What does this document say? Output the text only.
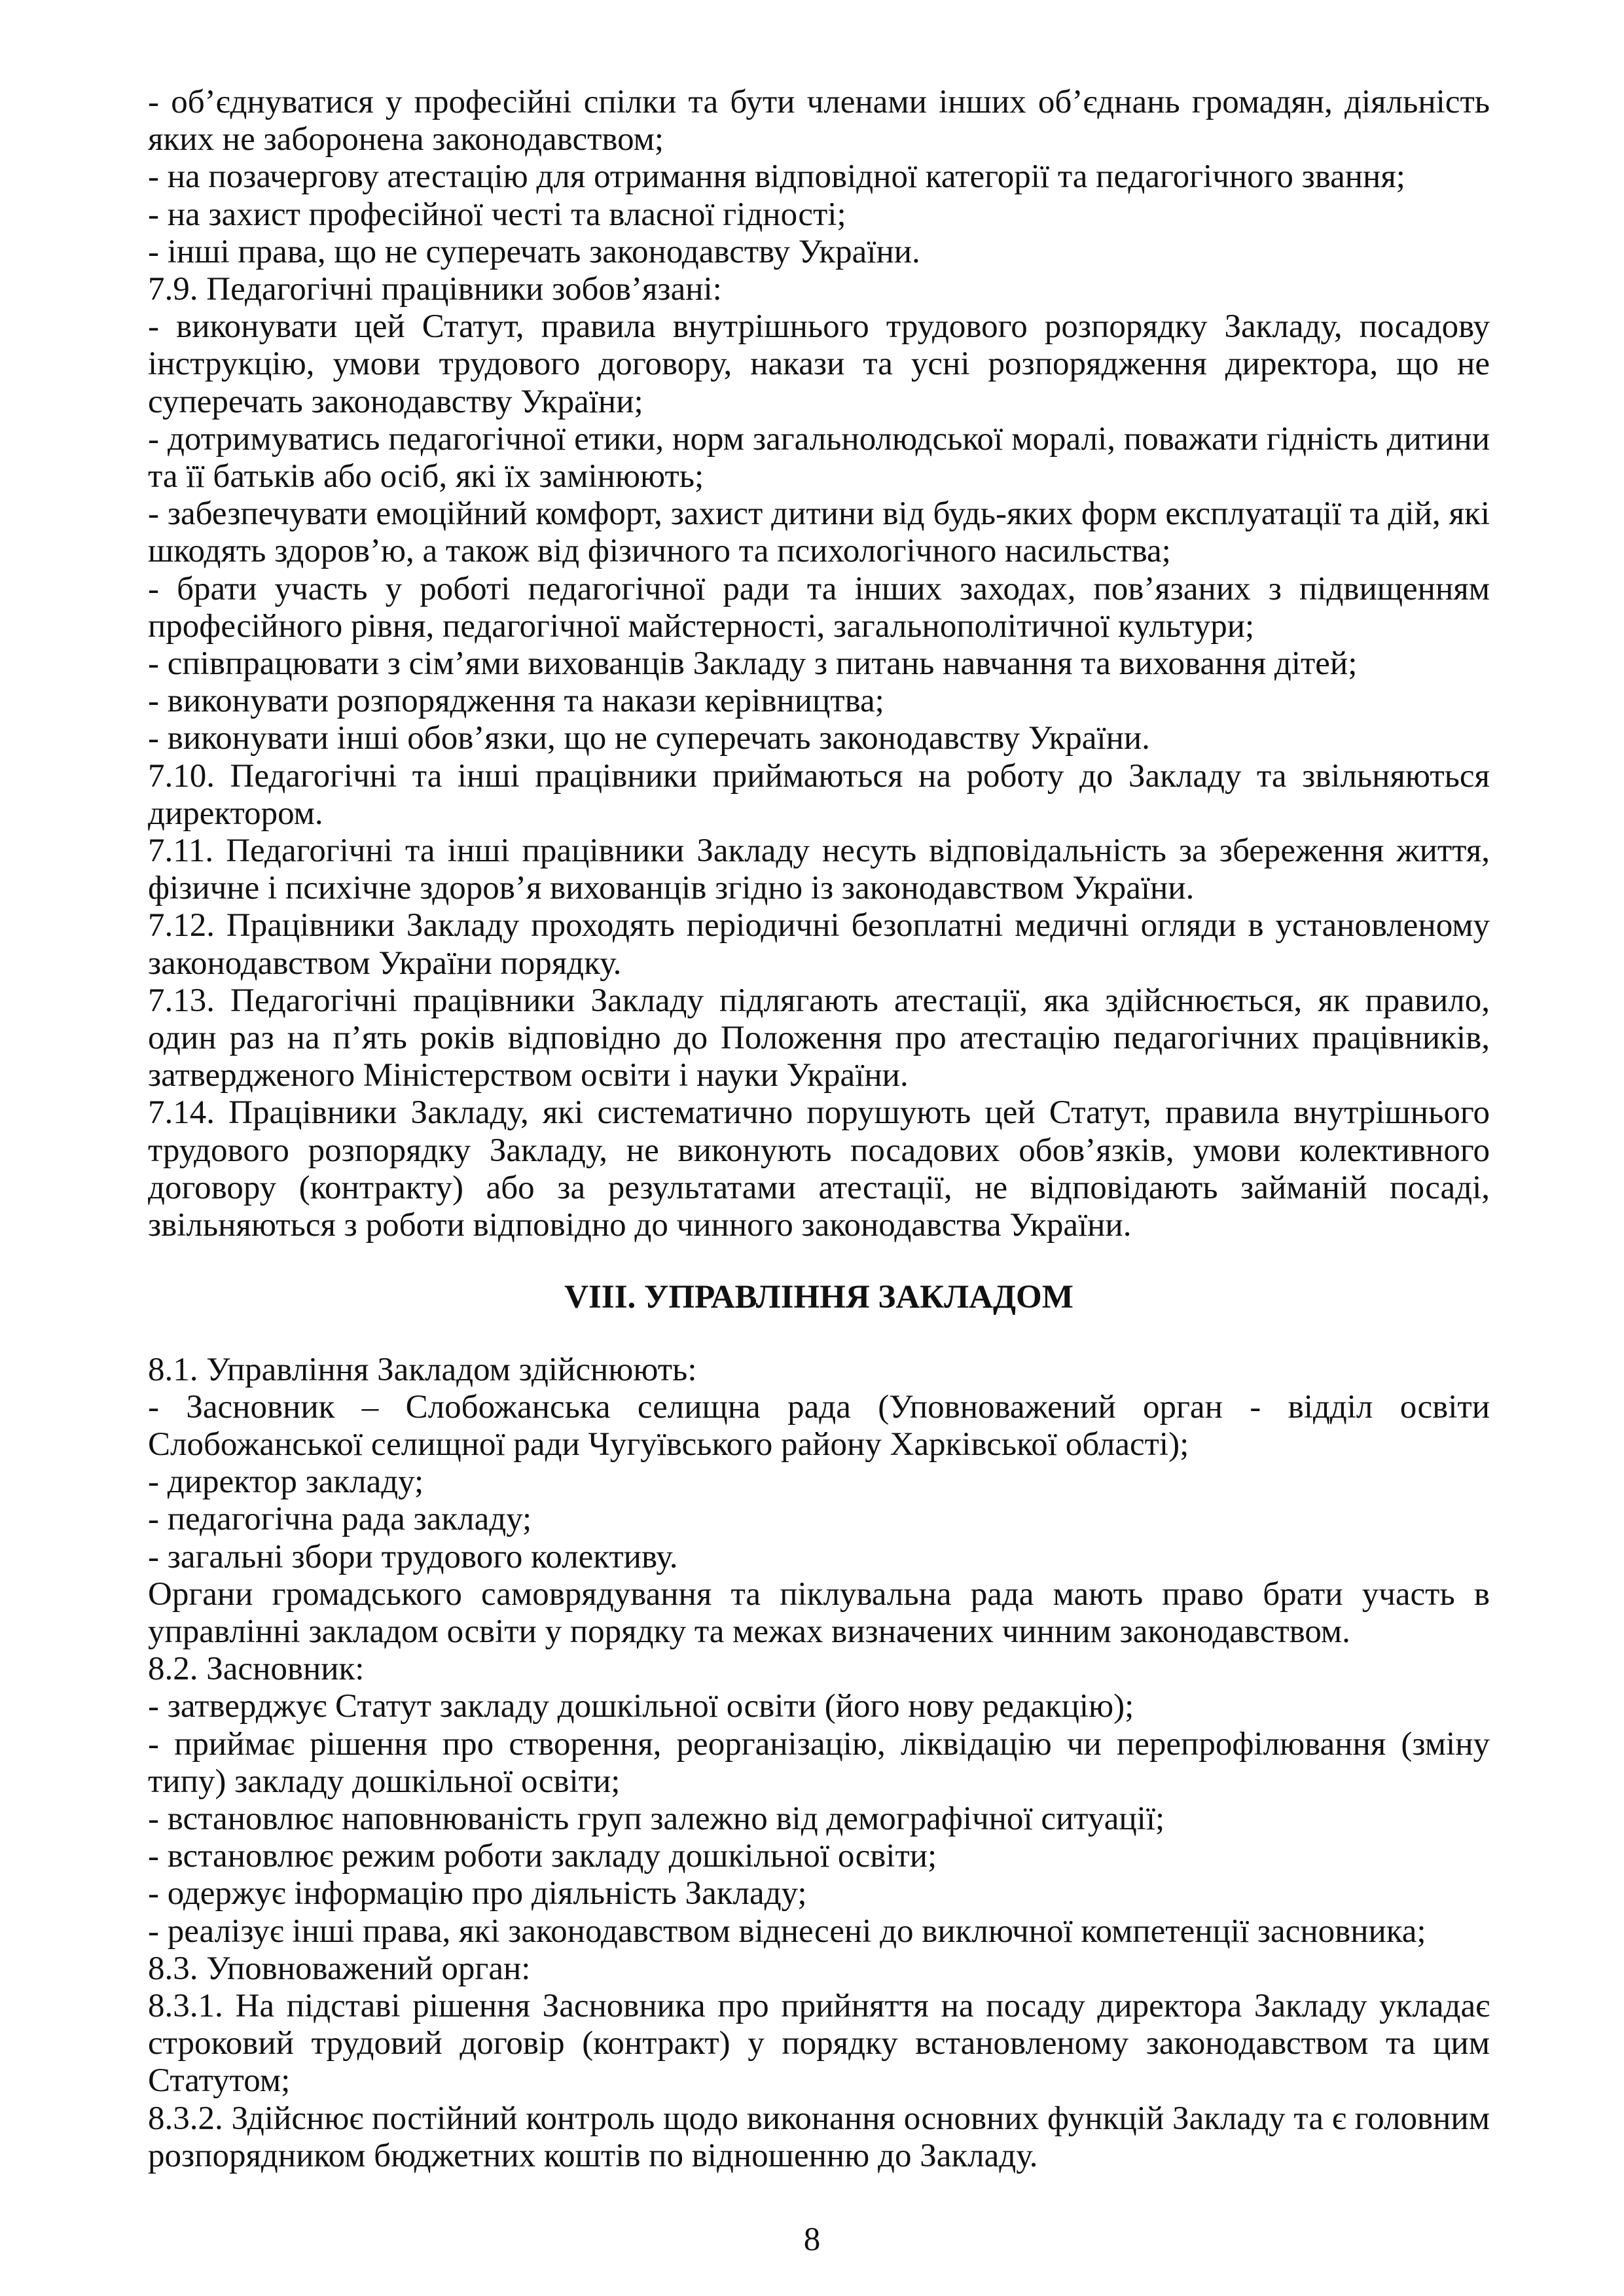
- об’єднуватися у професійні спілки та бути членами інших об’єднань громадян, діяльність яких не заборонена законодавством;

- на позачергову атестацію для отримання відповідної категорії та педагогічного звання;

- на захист професійної честі та власної гідності;

- інші права, що не суперечать законодавству України.

7.9. Педагогічні працівники зобов’язані:

- виконувати цей Статут, правила внутрішнього трудового розпорядку Закладу, посадову інструкцію, умови трудового договору, накази та усні розпорядження директора, що не суперечать законодавству України;

- дотримуватись педагогічної етики, норм загальнолюдської моралі, поважати гідність дитини та її батьків або осіб, які їх замінюють;

- забезпечувати емоційний комфорт, захист дитини від будь-яких форм експлуатації та дій, які шкодять здоров’ю, а також від фізичного та психологічного насильства;

- брати участь у роботі педагогічної ради та інших заходах, пов’язаних з підвищенням професійного рівня, педагогічної майстерності, загальнополітичної культури;

- співпрацювати з сім’ями вихованців Закладу з питань навчання та виховання дітей;

- виконувати розпорядження та накази керівництва;

- виконувати інші обов’язки, що не суперечать законодавству України.

7.10. Педагогічні та інші працівники приймаються на роботу до Закладу та звільняються директором.

7.11. Педагогічні та інші працівники Закладу несуть відповідальність за збереження життя, фізичне і психічне здоров’я вихованців згідно із законодавством України.

7.12. Працівники Закладу проходять періодичні безоплатні медичні огляди в установленому законодавством України порядку.

7.13. Педагогічні працівники Закладу підлягають атестації, яка здійснюється, як правило, один раз на п’ять років відповідно до Положення про атестацію педагогічних працівників, затвердженого Міністерством освіти і науки України.

7.14. Працівники Закладу, які систематично порушують цей Статут, правила внутрішнього трудового розпорядку Закладу, не виконують посадових обов’язків, умови колективного договору (контракту) або за результатами атестації, не відповідають займаній посаді, звільняються з роботи відповідно до чинного законодавства України.

VIII. УПРАВЛІННЯ ЗАКЛАДОМ

8.1. Управління Закладом здійснюють:

- Засновник – Слобожанська селищна рада (Уповноважений орган - відділ освіти Слобожанської селищної ради Чугуївського району Харківської області);

- директор закладу;

- педагогічна рада закладу;

- загальні збори трудового колективу.

Органи громадського самоврядування та піклувальна рада мають право брати участь в управлінні закладом освіти у порядку та межах визначених чинним законодавством.

8.2. Засновник:

- затверджує Статут закладу дошкільної освіти (його нову редакцію);

- приймає рішення про створення, реорганізацію, ліквідацію чи перепрофілювання (зміну типу) закладу дошкільної освіти;

- встановлює наповнюваність груп залежно від демографічної ситуації;

- встановлює режим роботи закладу дошкільної освіти;

- одержує інформацію про діяльність Закладу;

- реалізує інші права, які законодавством віднесені до виключної компетенції засновника;

8.3. Уповноважений орган:

8.3.1. На підставі рішення Засновника про прийняття на посаду директора Закладу укладає строковий трудовий договір (контракт) у порядку встановленому законодавством та цим Статутом;

8.3.2. Здійснює постійний контроль щодо виконання основних функцій Закладу та є головним розпорядником бюджетних коштів по відношенню до Закладу.

8
